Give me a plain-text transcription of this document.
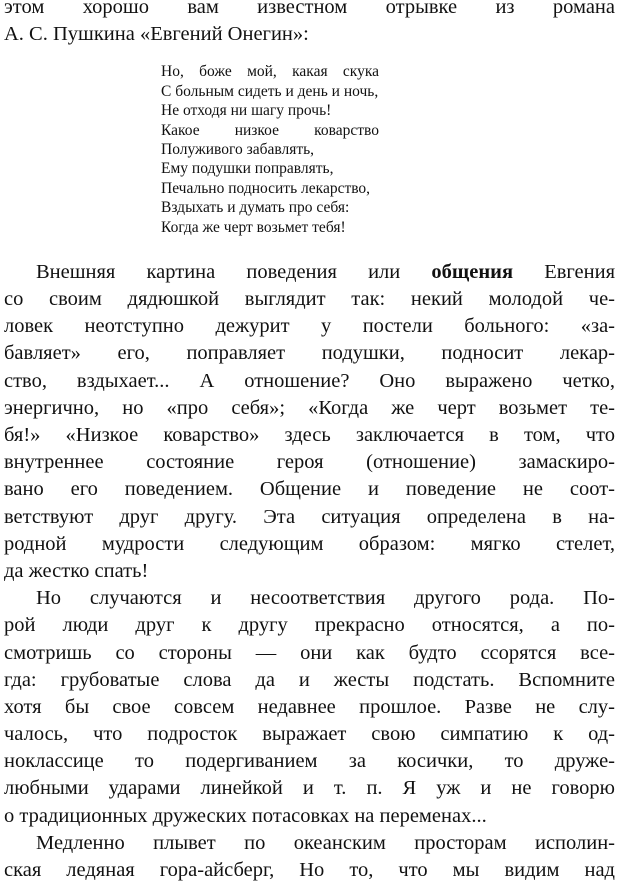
этом хорошо вам известном отрывке из романа
А. С. Пушкина «Евгений Онегин»:
Но, боже мой, какая скука
С больным сидеть и день и ночь,
Не отходя ни шагу прочь!
Какое низкое коварство
Полуживого забавлять,
Ему подушки поправлять,
Печально подносить лекарство,
Вздыхать и думать про себя:
Когда же черт возьмет тебя!
Внешняя картина поведения или общения Евгения
со своим дядюшкой выглядит так: некий молодой че-
ловек неотступно дежурит у постели больного: «за-
бавляет» его, поправляет подушки, подносит лекар-
ство, вздыхает... А отношение? Оно выражено четко,
энергично, но «про себя»; «Когда же черт возьмет те-
бя!» «Низкое коварство» здесь заключается в том, что
внутреннее состояние героя (отношение) замаскиро-
вано его поведением. Общение и поведение не соот-
ветствуют друг другу. Эта ситуация определена в на-
родной мудрости следующим образом: мягко стелет,
да жестко спать!
Но случаются и несоответствия другого рода. По-
рой люди друг к другу прекрасно относятся, а по-
смотришь со стороны — они как будто ссорятся все-
гда: грубоватые слова да и жесты подстать. Вспомните
хотя бы свое совсем недавнее прошлое. Разве не слу-
чалось, что подросток выражает свою симпатию к од-
ноклассице то подергиванием за косички, то друже-
любными ударами линейкой и т. п. Я уж и не говорю
о традиционных дружеских потасовках на переменах...
Медленно плывет по океанским просторам исполин-
ская ледяная гора-айсберг, Но то, что мы видим над
